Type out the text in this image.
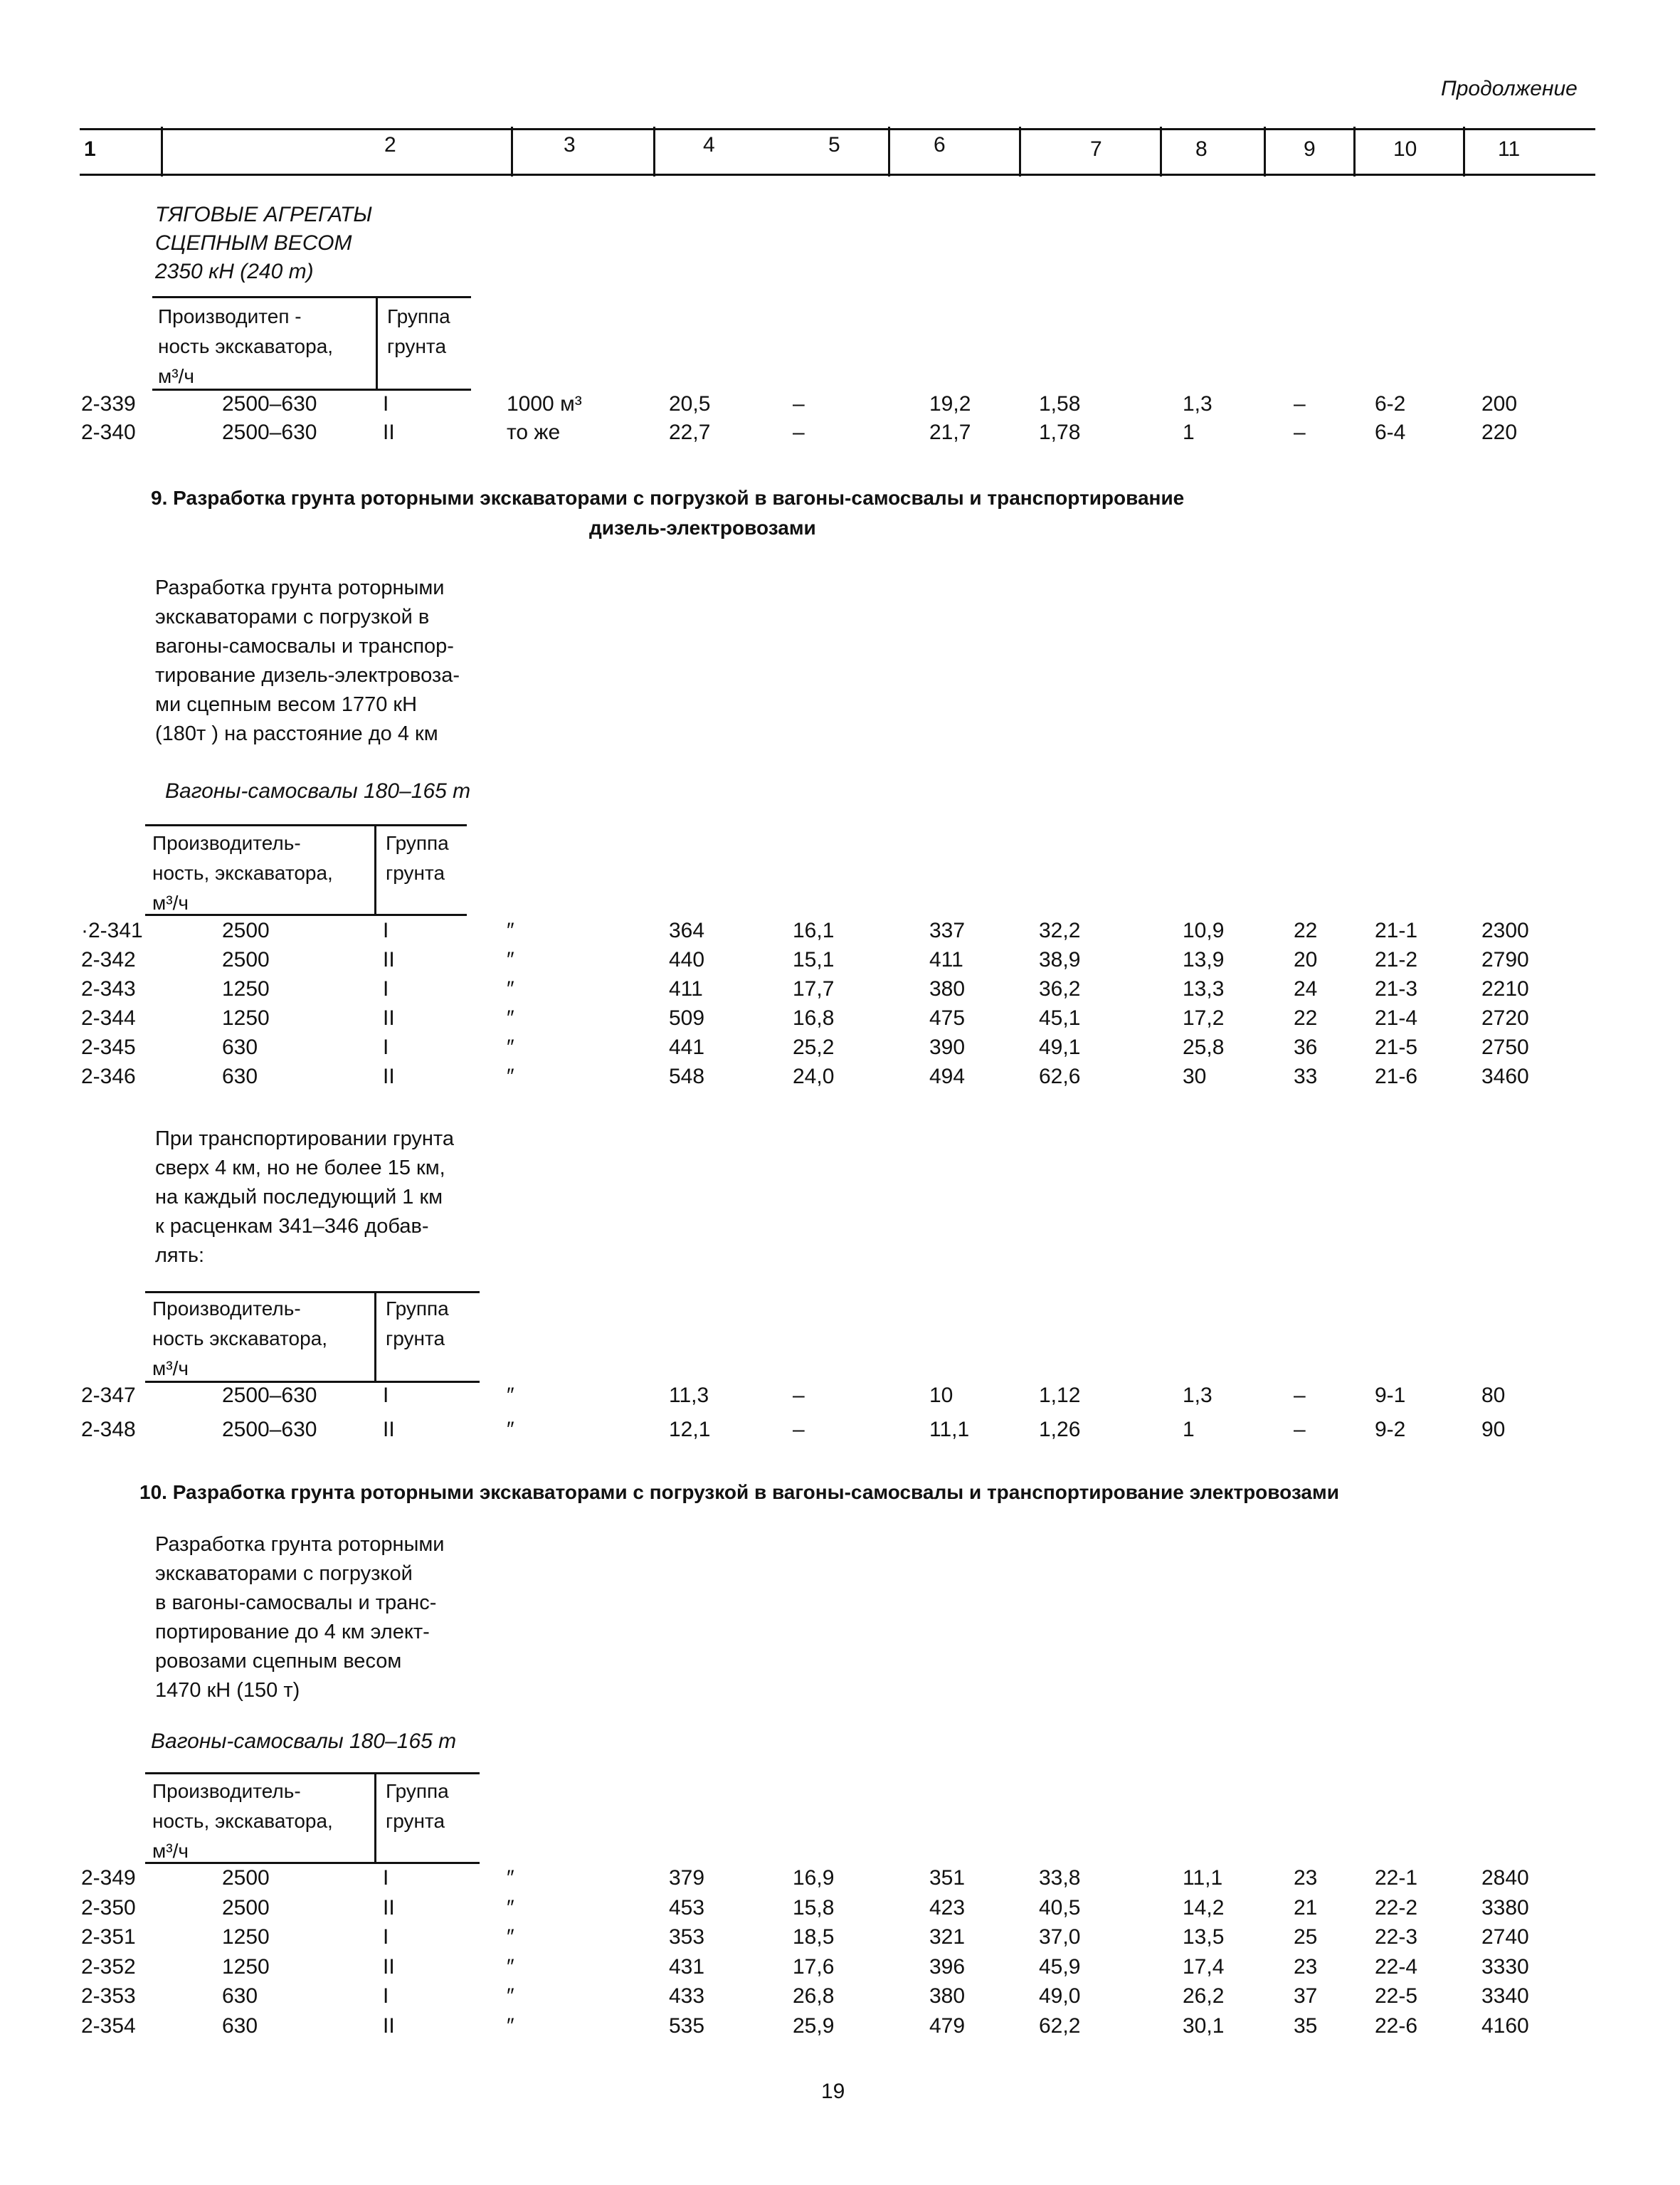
Продолжение
1	2	3	4	5	6	7	8	9	10	11
ТЯГОВЫЕ АГРЕГАТЫ
СЦЕПНЫМ ВЕСОМ
2350 кН (240 т)
Производитеп -
ность экскаватора,
м³/ч
Группа
грунта
2-339	2500–630	I	1000 м³	20,5	–	19,2	1,58	1,3	–	6-2	200
2-340	2500–630	II	то же	22,7	–	21,7	1,78	1	–	6-4	220
9. Разработка грунта роторными экскаваторами с погрузкой в вагоны-самосвалы и транспортирование
дизель-электровозами
Разработка грунта роторными
экскаваторами с погрузкой в
вагоны-самосвалы и транспор-
тирование дизель-электровоза-
ми сцепным весом 1770 кН
(180т ) на расстояние до 4 км
Вагоны-самосвалы 180–165 т
Производитель-
ность, экскаватора,
м³/ч
Группа
грунта
·2-341	2500	I	″	364	16,1	337	32,2	10,9	22	21-1	2300
2-342	2500	II	″	440	15,1	411	38,9	13,9	20	21-2	2790
2-343	1250	I	″	411	17,7	380	36,2	13,3	24	21-3	2210
2-344	1250	II	″	509	16,8	475	45,1	17,2	22	21-4	2720
2-345	630	I	″	441	25,2	390	49,1	25,8	36	21-5	2750
2-346	630	II	″	548	24,0	494	62,6	30	33	21-6	3460
При транспортировании грунта
сверх 4 км, но не более 15 км,
на каждый последующий 1 км
к расценкам 341–346 добав-
лять:
Производитель-
ность экскаватора,
м³/ч
Группа
грунта
2-347	2500–630	I	″	11,3	–	10	1,12	1,3	–	9-1	80
2-348	2500–630	II	″	12,1	–	11,1	1,26	1	–	9-2	90
10. Разработка грунта роторными экскаваторами с погрузкой в вагоны-самосвалы и транспортирование электровозами
Разработка грунта роторными
экскаваторами с погрузкой
в вагоны-самосвалы и транс-
портирование до 4 км элект-
ровозами сцепным весом
1470 кН (150 т)
Вагоны-самосвалы 180–165 т
Производитель-
ность, экскаватора,
м³/ч
Группа
грунта
2-349	2500	I	″	379	16,9	351	33,8	11,1	23	22-1	2840
2-350	2500	II	″	453	15,8	423	40,5	14,2	21	22-2	3380
2-351	1250	I	″	353	18,5	321	37,0	13,5	25	22-3	2740
2-352	1250	II	″	431	17,6	396	45,9	17,4	23	22-4	3330
2-353	630	I	″	433	26,8	380	49,0	26,2	37	22-5	3340
2-354	630	II	″	535	25,9	479	62,2	30,1	35	22-6	4160
19
